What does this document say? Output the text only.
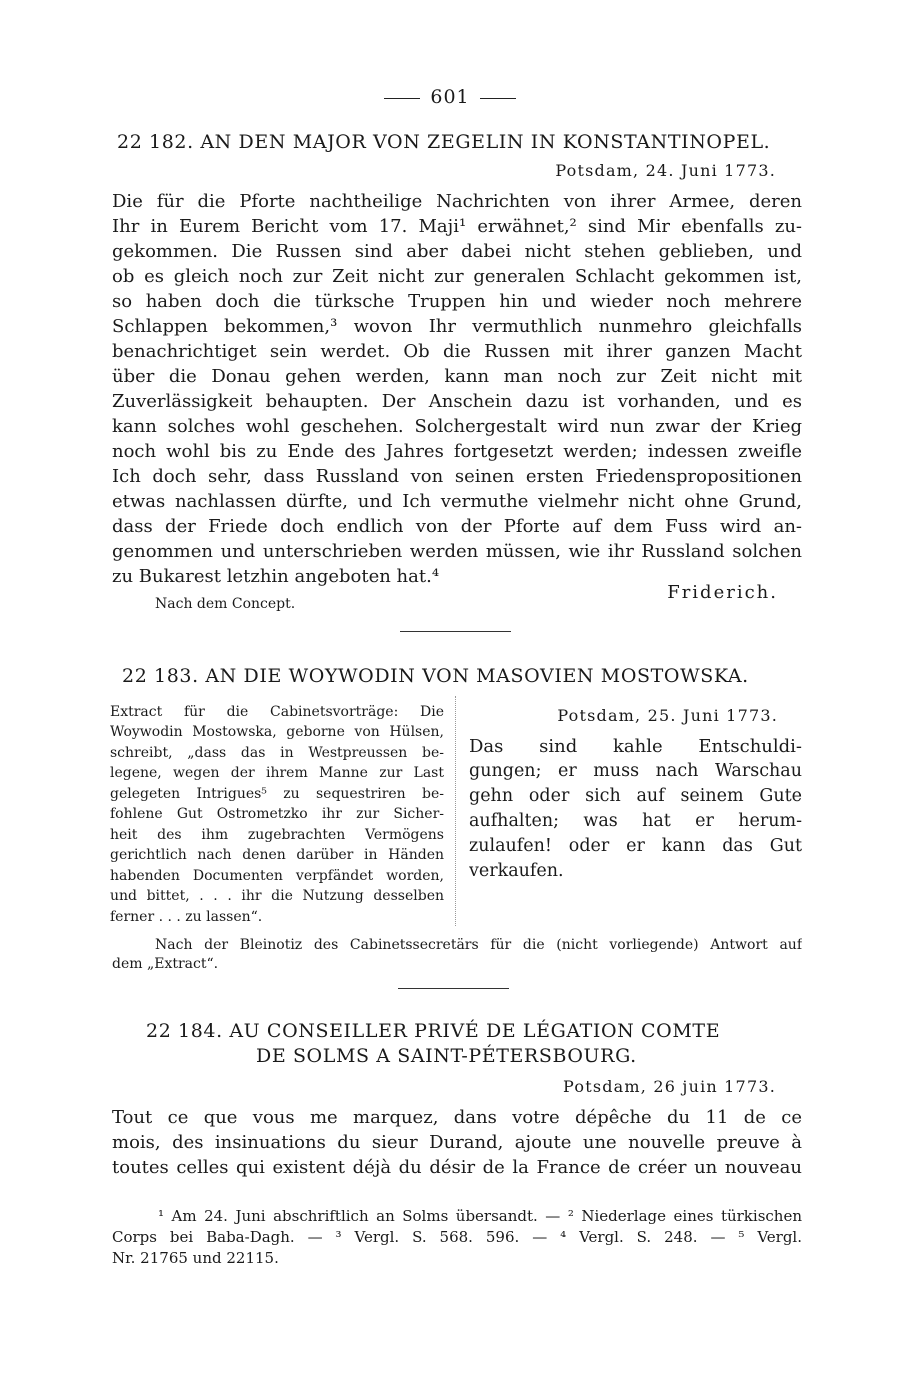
601
22 182. AN DEN MAJOR VON ZEGELIN IN KONSTANTINOPEL.
Potsdam, 24. Juni 1773.
Die für die Pforte nachtheilige Nachrichten von ihrer Armee, deren
Ihr in Eurem Bericht vom 17. Maji¹ erwähnet,² sind Mir ebenfalls zu-
gekommen. Die Russen sind aber dabei nicht stehen geblieben, und
ob es gleich noch zur Zeit nicht zur generalen Schlacht gekommen ist,
so haben doch die türksche Truppen hin und wieder noch mehrere
Schlappen bekommen,³ wovon Ihr vermuthlich nunmehro gleichfalls
benachrichtiget sein werdet. Ob die Russen mit ihrer ganzen Macht
über die Donau gehen werden, kann man noch zur Zeit nicht mit
Zuverlässigkeit behaupten. Der Anschein dazu ist vorhanden, und es
kann solches wohl geschehen. Solchergestalt wird nun zwar der Krieg
noch wohl bis zu Ende des Jahres fortgesetzt werden; indessen zweifle
Ich doch sehr, dass Russland von seinen ersten Friedenspropositionen
etwas nachlassen dürfte, und Ich vermuthe vielmehr nicht ohne Grund,
dass der Friede doch endlich von der Pforte auf dem Fuss wird an-
genommen und unterschrieben werden müssen, wie ihr Russland solchen
zu Bukarest letzhin angeboten hat.⁴
Friderich.
Nach dem Concept.
22 183. AN DIE WOYWODIN VON MASOVIEN MOSTOWSKA.
Extract für die Cabinetsvorträge: Die
Woywodin Mostowska, geborne von Hülsen,
schreibt, „dass das in Westpreussen be-
legene, wegen der ihrem Manne zur Last
gelegeten Intrigues⁵ zu sequestriren be-
fohlene Gut Ostrometzko ihr zur Sicher-
heit des ihm zugebrachten Vermögens
gerichtlich nach denen darüber in Händen
habenden Documenten verpfändet worden,
und bittet, . . . ihr die Nutzung desselben
ferner . . . zu lassen“.
Potsdam, 25. Juni 1773.
Das sind kahle Entschuldi-
gungen; er muss nach Warschau
gehn oder sich auf seinem Gute
aufhalten; was hat er herum-
zulaufen! oder er kann das Gut
verkaufen.
Nach der Bleinotiz des Cabinetssecretärs für die (nicht vorliegende) Antwort auf
dem „Extract“.
22 184. AU CONSEILLER PRIVÉ DE LÉGATION COMTE
DE SOLMS A SAINT-PÉTERSBOURG.
Potsdam, 26 juin 1773.
Tout ce que vous me marquez, dans votre dépêche du 11 de ce
mois, des insinuations du sieur Durand, ajoute une nouvelle preuve à
toutes celles qui existent déjà du désir de la France de créer un nouveau
¹ Am 24. Juni abschriftlich an Solms übersandt. — ² Niederlage eines türkischen
Corps bei Baba-Dagh. — ³ Vergl. S. 568. 596. — ⁴ Vergl. S. 248. — ⁵ Vergl.
Nr. 21765 und 22115.
